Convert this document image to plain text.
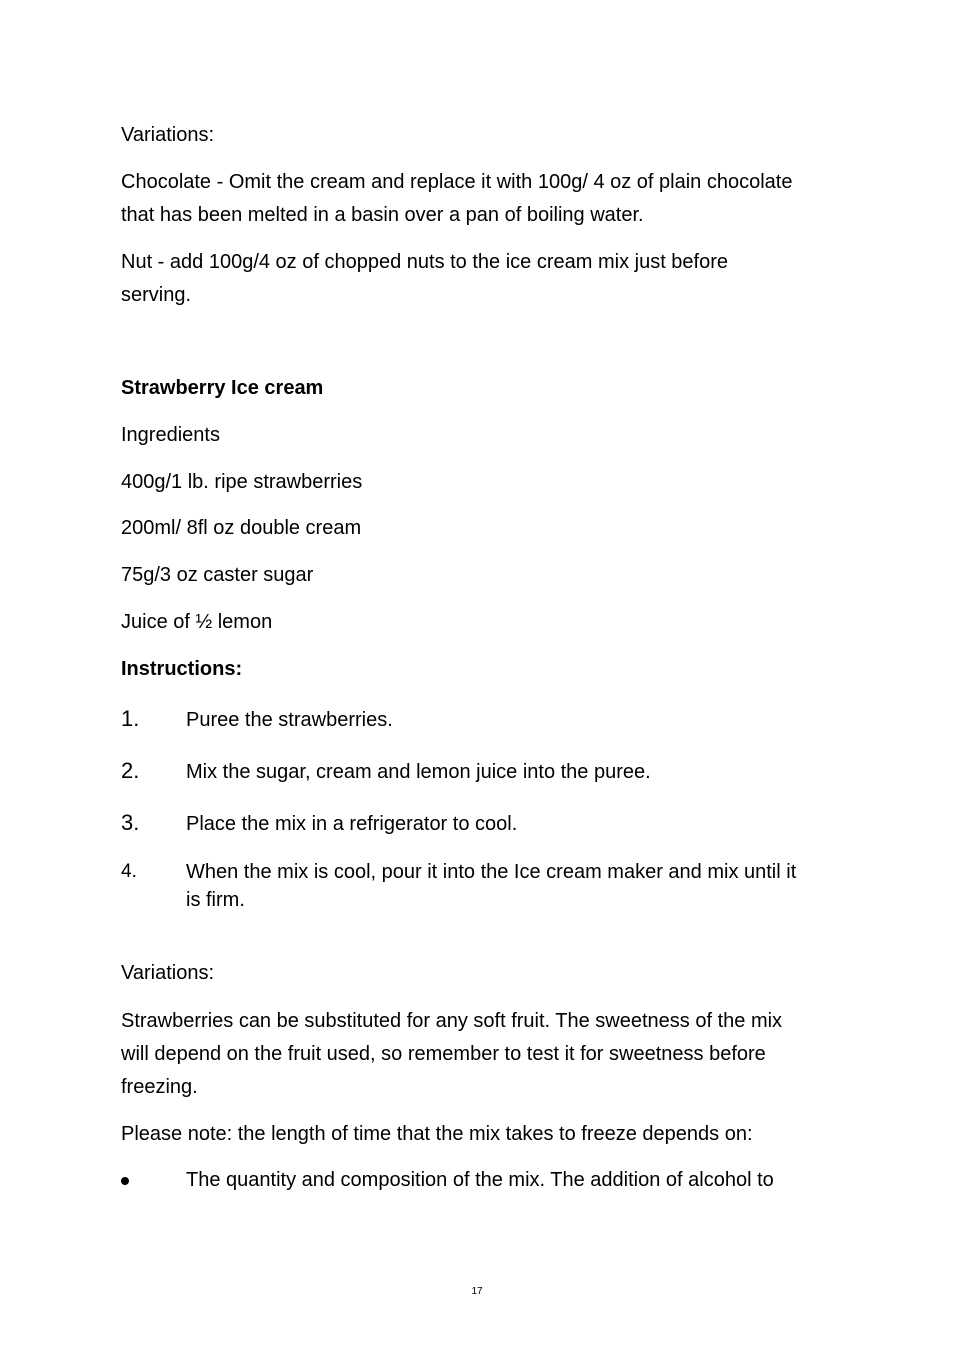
Variations:

Chocolate - Omit the cream and replace it with 100g/ 4 oz of plain chocolate

that has been melted in a basin over a pan of boiling water.

Nut - add 100g/4 oz of chopped nuts to the ice cream mix just before

serving.

Strawberry Ice cream

Ingredients

400g/1 lb. ripe strawberries

200ml/ 8fl oz double cream

75g/3 oz caster sugar

Juice of ½ lemon

Instructions:

1. Puree the strawberries.
2. Mix the sugar, cream and lemon juice into the puree.
3. Place the mix in a refrigerator to cool.
4. When the mix is cool, pour it into the Ice cream maker and mix until it
is firm.

Variations:

Strawberries can be substituted for any soft fruit. The sweetness of the mix

will depend on the fruit used, so remember to test it for sweetness before

freezing.

Please note: the length of time that the mix takes to freeze depends on:

The quantity and composition of the mix. The addition of alcohol to
17
